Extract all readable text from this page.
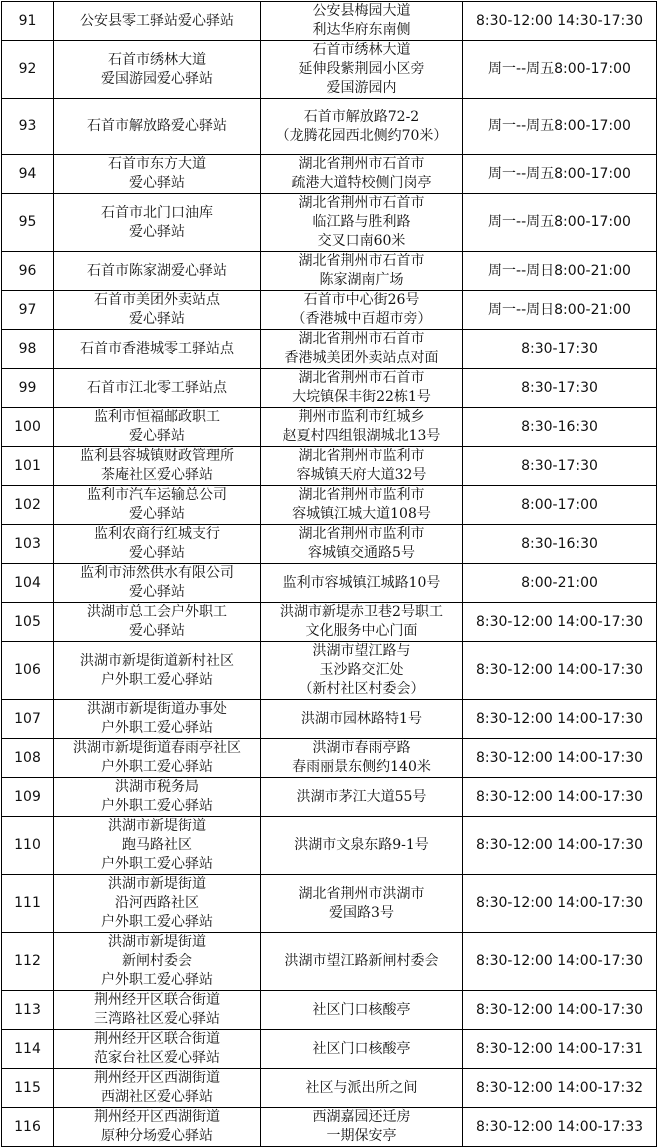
91	公安县零工驿站爱心驿站	公安县梅园大道
利达华府东南侧	8:30-12:00 14:30-17:30
92	石首市绣林大道
爱国游园爱心驿站	石首市绣林大道
延伸段紫荆园小区旁
爱国游园内	周一--周五8:00-17:00
93	石首市解放路爱心驿站	石首市解放路72-2
（龙腾花园西北侧约70米）	周一--周五8:00-17:00
94	石首市东方大道
爱心驿站	湖北省荆州市石首市
疏港大道特校侧门岗亭	周一--周五8:00-17:00
95	石首市北门口油库
爱心驿站	湖北省荆州市石首市
临江路与胜利路
交叉口南60米	周一--周五8:00-17:00
96	石首市陈家湖爱心驿站	湖北省荆州市石首市
陈家湖南广场	周一--周日8:00-21:00
97	石首市美团外卖站点
爱心驿站	石首市中心街26号
（香港城中百超市旁）	周一--周日8:00-21:00
98	石首市香港城零工驿站点	湖北省荆州市石首市
香港城美团外卖站点对面	8:30-17:30
99	石首市江北零工驿站点	湖北省荆州市石首市
大垸镇保丰街22栋1号	8:30-17:30
100	监利市恒福邮政职工
爱心驿站	荆州市监利市红城乡
赵夏村四组银湖城北13号	8:30-16:30
101	监利县容城镇财政管理所
茶庵社区爱心驿站	湖北省荆州市监利市
容城镇天府大道32号	8:30-17:30
102	监利市汽车运输总公司
爱心驿站	湖北省荆州市监利市
容城镇江城大道108号	8:00-17:00
103	监利农商行红城支行
爱心驿站	湖北省荆州市监利市
容城镇交通路5号	8:30-16:30
104	监利市沛然供水有限公司
爱心驿站	监利市容城镇江城路10号	8:00-21:00
105	洪湖市总工会户外职工
爱心驿站	洪湖市新堤赤卫巷2号职工
文化服务中心门面	8:30-12:00 14:00-17:30
106	洪湖市新堤街道新村社区
户外职工爱心驿站	洪湖市望江路与
玉沙路交汇处
（新村社区村委会）	8:30-12:00 14:00-17:30
107	洪湖市新堤街道办事处
户外职工爱心驿站	洪湖市园林路特1号	8:30-12:00 14:00-17:30
108	洪湖市新堤街道春雨亭社区
户外职工爱心驿站	洪湖市春雨亭路
春雨丽景东侧约140米	8:30-12:00 14:00-17:30
109	洪湖市税务局
户外职工爱心驿站	洪湖市茅江大道55号	8:30-12:00 14:00-17:30
110	洪湖市新堤街道
跑马路社区
户外职工爱心驿站	洪湖市文泉东路9-1号	8:30-12:00 14:00-17:30
111	洪湖市新堤街道
沿河西路社区
户外职工爱心驿站	湖北省荆州市洪湖市
爱国路3号	8:30-12:00 14:00-17:30
112	洪湖市新堤街道
新闸村委会
户外职工爱心驿站	洪湖市望江路新闸村委会	8:30-12:00 14:00-17:30
113	荆州经开区联合街道
三湾路社区爱心驿站	社区门口核酸亭	8:30-12:00 14:00-17:30
114	荆州经开区联合街道
范家台社区爱心驿站	社区门口核酸亭	8:30-12:00 14:00-17:31
115	荆州经开区西湖街道
西湖社区爱心驿站	社区与派出所之间	8:30-12:00 14:00-17:32
116	荆州经开区西湖街道
原种分场爱心驿站	西湖嘉园还迁房
一期保安亭	8:30-12:00 14:00-17:33
